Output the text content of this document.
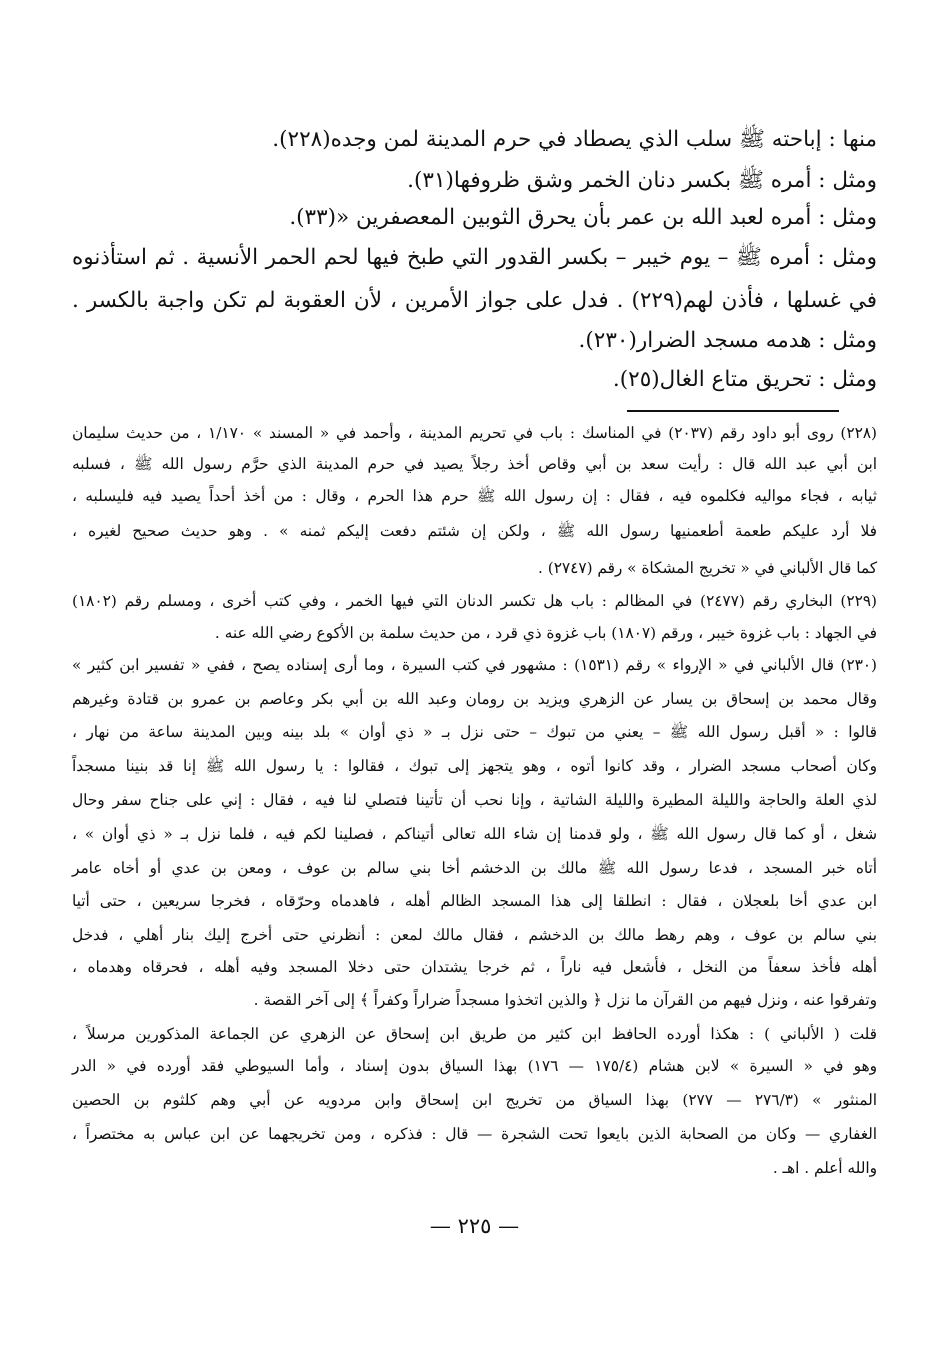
منها : إباحته ﷺ سلب الذي يصطاد في حرم المدينة لمن وجده(٢٢٨).
ومثل : أمره ﷺ بكسر دنان الخمر وشق ظروفها(٣١).
ومثل : أمره لعبد الله بن عمر بأن يحرق الثوبين المعصفرين «(٣٣).
ومثل : أمره ﷺ – يوم خيبر – بكسر القدور التي طبخ فيها لحم الحمر الأنسية . ثم استأذنوه
في غسلها ، فأذن لهم(٢٢٩) . فدل على جواز الأمرين ، لأن العقوبة لم تكن واجبة بالكسر .
ومثل : هدمه مسجد الضرار(٢٣٠).
ومثل : تحريق متاع الغال(٢٥).
(٢٢٨) روى أبو داود رقم (٢٠٣٧) في المناسك : باب في تحريم المدينة ، وأحمد في « المسند » ١/١٧٠ ، من حديث سليمان
ابن أبي عبد الله قال : رأيت سعد بن أبي وقاص أخذ رجلاً يصيد في حرم المدينة الذي حرَّم رسول الله ﷺ ، فسلبه
ثيابه ، فجاء مواليه فكلموه فيه ، فقال : إن رسول الله ﷺ حرم هذا الحرم ، وقال : من أخذ أحداً يصيد فيه فليسلبه ،
فلا أرد عليكم طعمة أطعمنيها رسول الله ﷺ ، ولكن إن شئتم دفعت إليكم ثمنه » . وهو حديث صحيح لغيره ،
كما قال الألباني في « تخريج المشكاة » رقم (٢٧٤٧) .
(٢٢٩) البخاري رقم (٢٤٧٧) في المظالم : باب هل تكسر الدنان التي فيها الخمر ، وفي كتب أخرى ، ومسلم رقم (١٨٠٢)
في الجهاد : باب غزوة خيبر ، ورقم (١٨٠٧) باب غزوة ذي قرد ، من حديث سلمة بن الأكوع رضي الله عنه .
(٢٣٠) قال الألباني في « الإرواء » رقم (١٥٣١) : مشهور في كتب السيرة ، وما أرى إسناده يصح ، ففي « تفسير ابن كثير »
وقال محمد بن إسحاق بن يسار عن الزهري ويزيد بن رومان وعبد الله بن أبي بكر وعاصم بن عمرو بن قتادة وغيرهم
قالوا : « أقبل رسول الله ﷺ – يعني من تبوك – حتى نزل بـ « ذي أوان » بلد بينه وبين المدينة ساعة من نهار ،
وكان أصحاب مسجد الضرار ، وقد كانوا أتوه ، وهو يتجهز إلى تبوك ، فقالوا : يا رسول الله ﷺ إنا قد بنينا مسجداً
لذي العلة والحاجة والليلة المطيرة والليلة الشاتية ، وإنا نحب أن تأتينا فتصلي لنا فيه ، فقال : إني على جناح سفر وحال
شغل ، أو كما قال رسول الله ﷺ ، ولو قدمنا إن شاء الله تعالى أتيناكم ، فصلينا لكم فيه ، فلما نزل بـ « ذي أوان » ،
أتاه خبر المسجد ، فدعا رسول الله ﷺ مالك بن الدخشم أخا بني سالم بن عوف ، ومعن بن عدي أو أخاه عامر
ابن عدي أخا بلعجلان ، فقال : انطلقا إلى هذا المسجد الظالم أهله ، فاهدماه وحرّقاه ، فخرجا سريعين ، حتى أتيا
بني سالم بن عوف ، وهم رهط مالك بن الدخشم ، فقال مالك لمعن : أنظرني حتى أخرج إليك بنار أهلي ، فدخل
أهله فأخذ سعفاً من النخل ، فأشعل فيه ناراً ، ثم خرجا يشتدان حتى دخلا المسجد وفيه أهله ، فحرقاه وهدماه ،
وتفرقوا عنه ، ونزل فيهم من القرآن ما نزل ﴿ والذين اتخذوا مسجداً ضراراً وكفراً ﴾ إلى آخر القصة .
قلت ( الألباني ) : هكذا أورده الحافظ ابن كثير من طريق ابن إسحاق عن الزهري عن الجماعة المذكورين مرسلاً ،
وهو في « السيرة » لابن هشام (١٧٥/٤ — ١٧٦) بهذا السياق بدون إسناد ، وأما السيوطي فقد أورده في « الدر
المنثور » (٢٧٦/٣ — ٢٧٧) بهذا السياق من تخريج ابن إسحاق وابن مردويه عن أبي وهم كلثوم بن الحصين
الغفاري — وكان من الصحابة الذين بايعوا تحت الشجرة — قال : فذكره ، ومن تخريجهما عن ابن عباس به مختصراً ،
والله أعلم . اهـ .
— ٢٢٥ —
